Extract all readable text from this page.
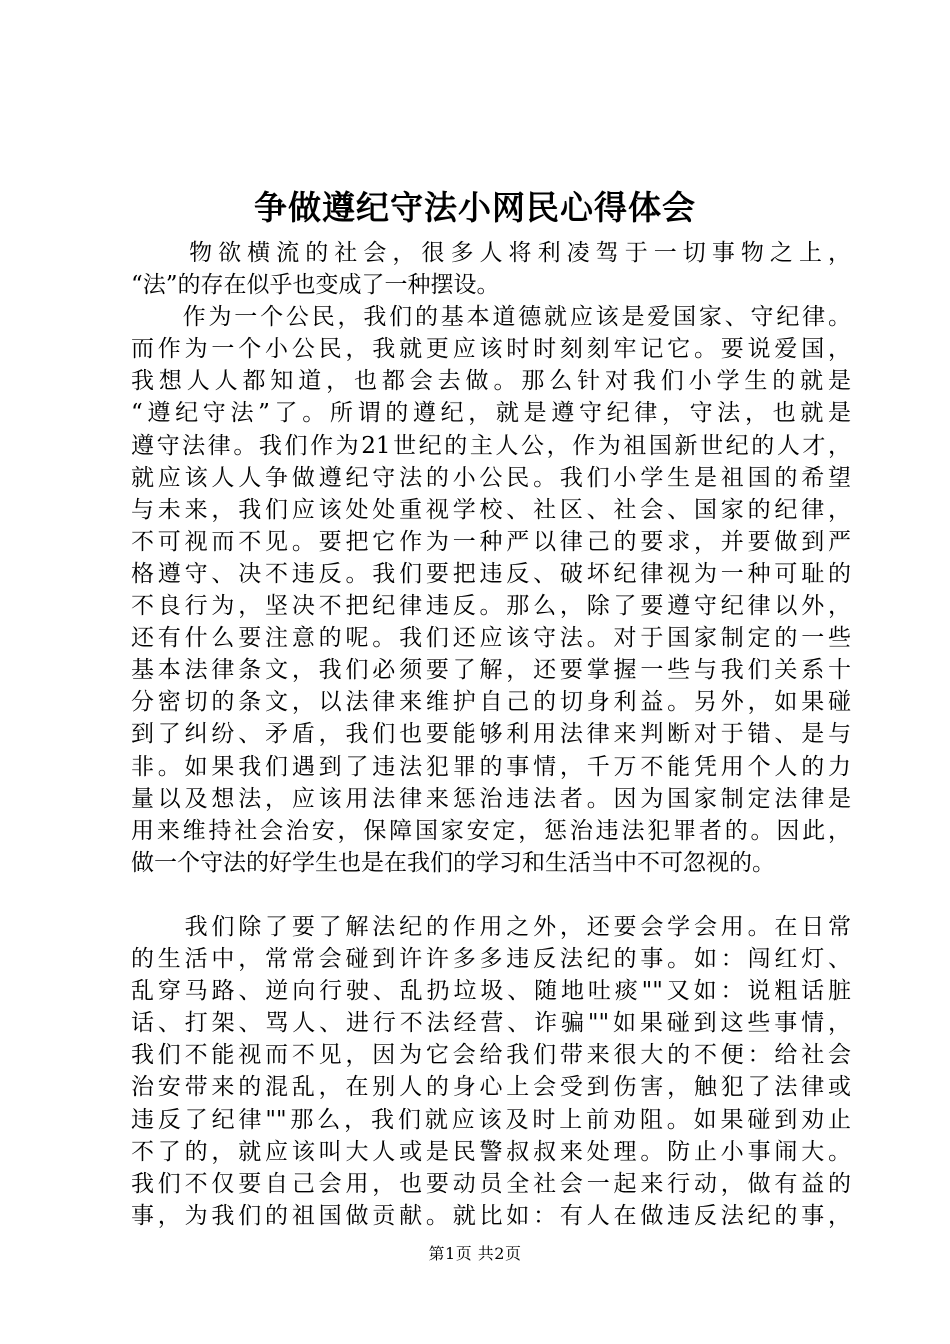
争做遵纪守法小网民心得体会
　　物欲横流的社会，很多人将利凌驾于一切事物之上，
“法”的存在似乎也变成了一种摆设。
　　作为一个公民，我们的基本道德就应该是爱国家、守纪律。
而作为一个小公民，我就更应该时时刻刻牢记它。要说爱国，
我想人人都知道，也都会去做。那么针对我们小学生的就是
“遵纪守法”了。所谓的遵纪，就是遵守纪律，守法，也就是
遵守法律。我们作为21世纪的主人公，作为祖国新世纪的人才，
就应该人人争做遵纪守法的小公民。我们小学生是祖国的希望
与未来，我们应该处处重视学校、社区、社会、国家的纪律，
不可视而不见。要把它作为一种严以律己的要求，并要做到严
格遵守、决不违反。我们要把违反、破坏纪律视为一种可耻的
不良行为，坚决不把纪律违反。那么，除了要遵守纪律以外，
还有什么要注意的呢。我们还应该守法。对于国家制定的一些
基本法律条文，我们必须要了解，还要掌握一些与我们关系十
分密切的条文，以法律来维护自己的切身利益。另外，如果碰
到了纠纷、矛盾，我们也要能够利用法律来判断对于错、是与
非。如果我们遇到了违法犯罪的事情，千万不能凭用个人的力
量以及想法，应该用法律来惩治违法者。因为国家制定法律是
用来维持社会治安，保障国家安定，惩治违法犯罪者的。因此，
做一个守法的好学生也是在我们的学习和生活当中不可忽视的。
　　我们除了要了解法纪的作用之外，还要会学会用。在日常
的生活中，常常会碰到许许多多违反法纪的事。如：闯红灯、
乱穿马路、逆向行驶、乱扔垃圾、随地吐痰""又如：说粗话脏
话、打架、骂人、进行不法经营、诈骗""如果碰到这些事情，
我们不能视而不见，因为它会给我们带来很大的不便：给社会
治安带来的混乱，在别人的身心上会受到伤害，触犯了法律或
违反了纪律""那么，我们就应该及时上前劝阻。如果碰到劝止
不了的，就应该叫大人或是民警叔叔来处理。防止小事闹大。
我们不仅要自己会用，也要动员全社会一起来行动，做有益的
事，为我们的祖国做贡献。就比如：有人在做违反法纪的事，
第1页 共2页
